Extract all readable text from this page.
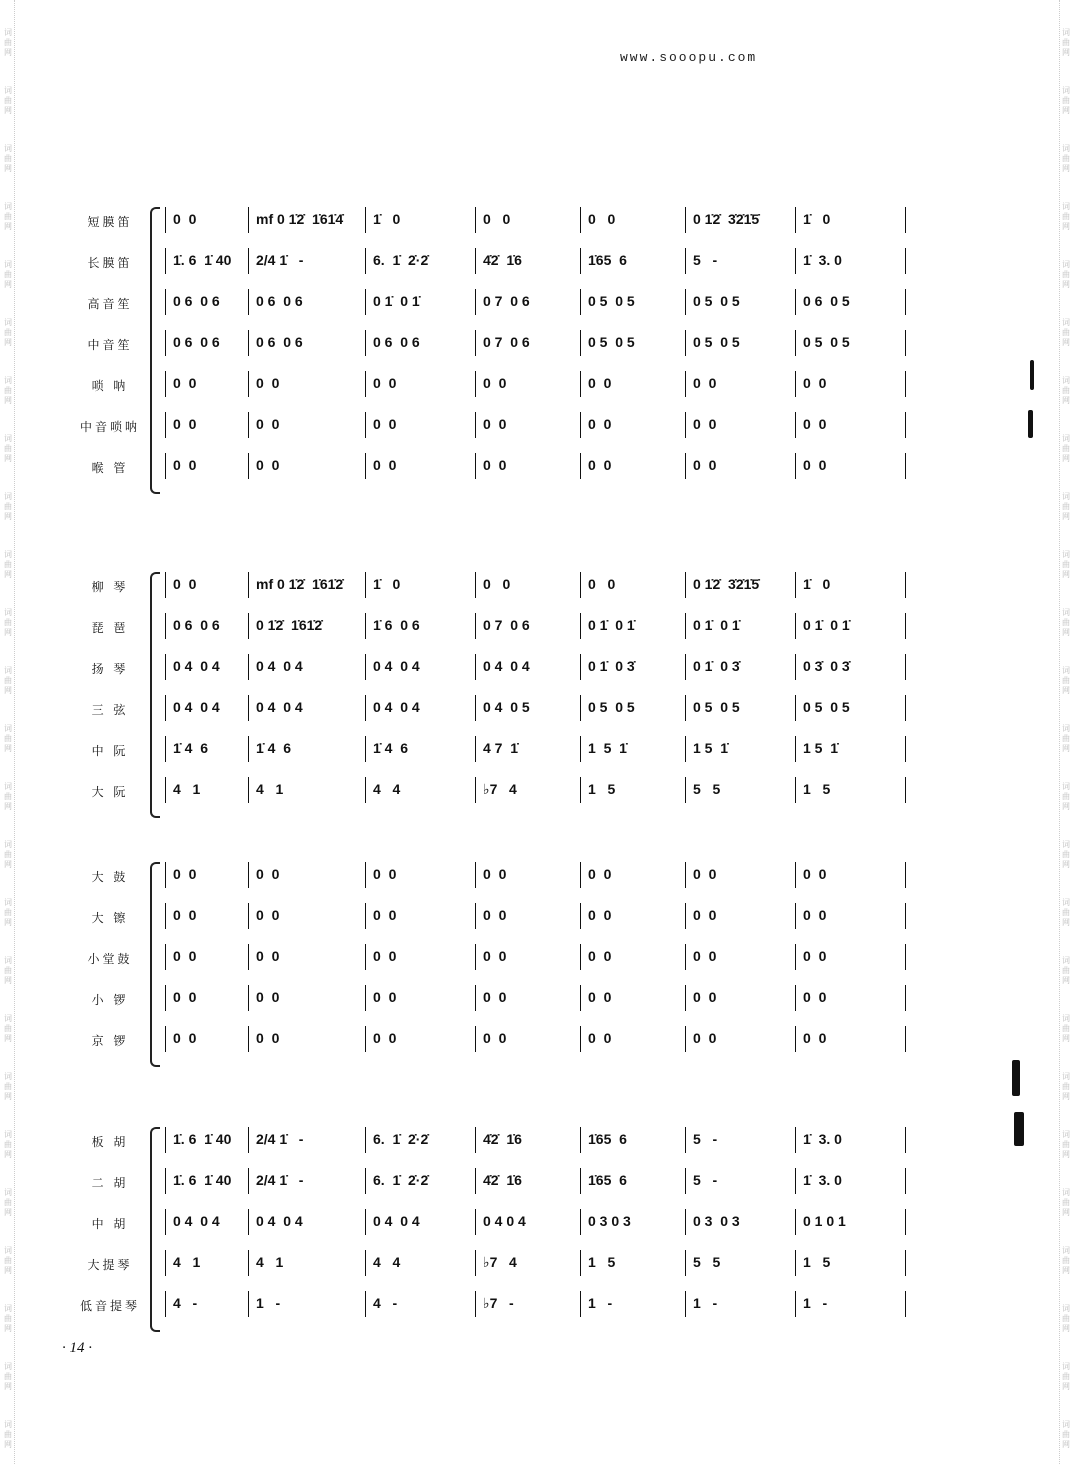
词曲网
词曲网
词曲网
词曲网
词曲网
词曲网
词曲网
词曲网
词曲网
词曲网
词曲网
词曲网
词曲网
词曲网
词曲网
词曲网
词曲网
词曲网
词曲网
词曲网
词曲网
词曲网
词曲网
词曲网
词曲网
词曲网
词曲网
词曲网
词曲网
词曲网
词曲网
词曲网
词曲网
词曲网
词曲网
词曲网
词曲网
词曲网
词曲网
词曲网
词曲网
词曲网
词曲网
词曲网
词曲网
词曲网
词曲网
词曲网
词曲网
词曲网
www.sooopu.com
短膜笛	0  0	mf 0 1̇2̇  1̇61̇4̇	1̇   0	0   0	0   0	0 1̇2̇  3̇2̇1̇5̇	1̇   0
长膜笛	1̇. 6  1̇ 40	2/4 1̇   -	6.  1̇  2̇·2̇	4̇2̇  1̇6	1̇65  6	5   -	1̇  3. 0
高音笙	0 6  0 6	0 6  0 6	0 1̇  0 1̇	0 7  0 6	0 5  0 5	0 5  0 5	0 6  0 5
中音笙	0 6  0 6	0 6  0 6	0 6  0 6	0 7  0 6	0 5  0 5	0 5  0 5	0 5  0 5
唢 呐	0  0	0  0	0  0	0  0	0  0	0  0	0  0
中音唢呐	0  0	0  0	0  0	0  0	0  0	0  0	0  0
喉 管	0  0	0  0	0  0	0  0	0  0	0  0	0  0
柳 琴	0  0	mf 0 1̇2̇  1̇61̇2̇	1̇   0	0   0	0   0	0 1̇2̇  3̇2̇1̇5̇	1̇   0
琵 琶	0 6  0 6	0 1̇2̇  1̇61̇2̇	1̇ 6  0 6	0 7  0 6	0 1̇  0 1̇	0 1̇  0 1̇	0 1̇  0 1̇
扬 琴	0 4  0 4	0 4  0 4	0 4  0 4	0 4  0 4	0 1̇  0 3̇	0 1̇  0 3̇	0 3̇  0 3̇
三 弦	0 4  0 4	0 4  0 4	0 4  0 4	0 4  0 5	0 5  0 5	0 5  0 5	0 5  0 5
中 阮	1̇ 4  6	1̇ 4  6	1̇ 4  6	4 7  1̇	1  5  1̇	1 5  1̇	1 5  1̇
大 阮	4   1	4   1	4   4	♭7   4	1   5	5   5	1   5
大 鼓	0  0	0  0	0  0	0  0	0  0	0  0	0  0
大 镲	0  0	0  0	0  0	0  0	0  0	0  0	0  0
小堂鼓	0  0	0  0	0  0	0  0	0  0	0  0	0  0
小 锣	0  0	0  0	0  0	0  0	0  0	0  0	0  0
京 锣	0  0	0  0	0  0	0  0	0  0	0  0	0  0
板 胡	1̇. 6  1̇ 40	2/4 1̇   -	6.  1̇  2̇·2̇	4̇2̇  1̇6	1̇65  6	5   -	1̇  3. 0
二 胡	1̇. 6  1̇ 40	2/4 1̇   -	6.  1̇  2̇·2̇	4̇2̇  1̇6	1̇65  6	5   -	1̇  3. 0
中 胡	0 4  0 4	0 4  0 4	0 4  0 4	0 4 0 4	0 3 0 3	0 3  0 3	0 1 0 1
大提琴	4   1	4   1	4   4	♭7   4	1   5	5   5	1   5
低音提琴	4   -	1   -	4   -	♭7   -	1   -	1   -	1   -
· 14 ·
